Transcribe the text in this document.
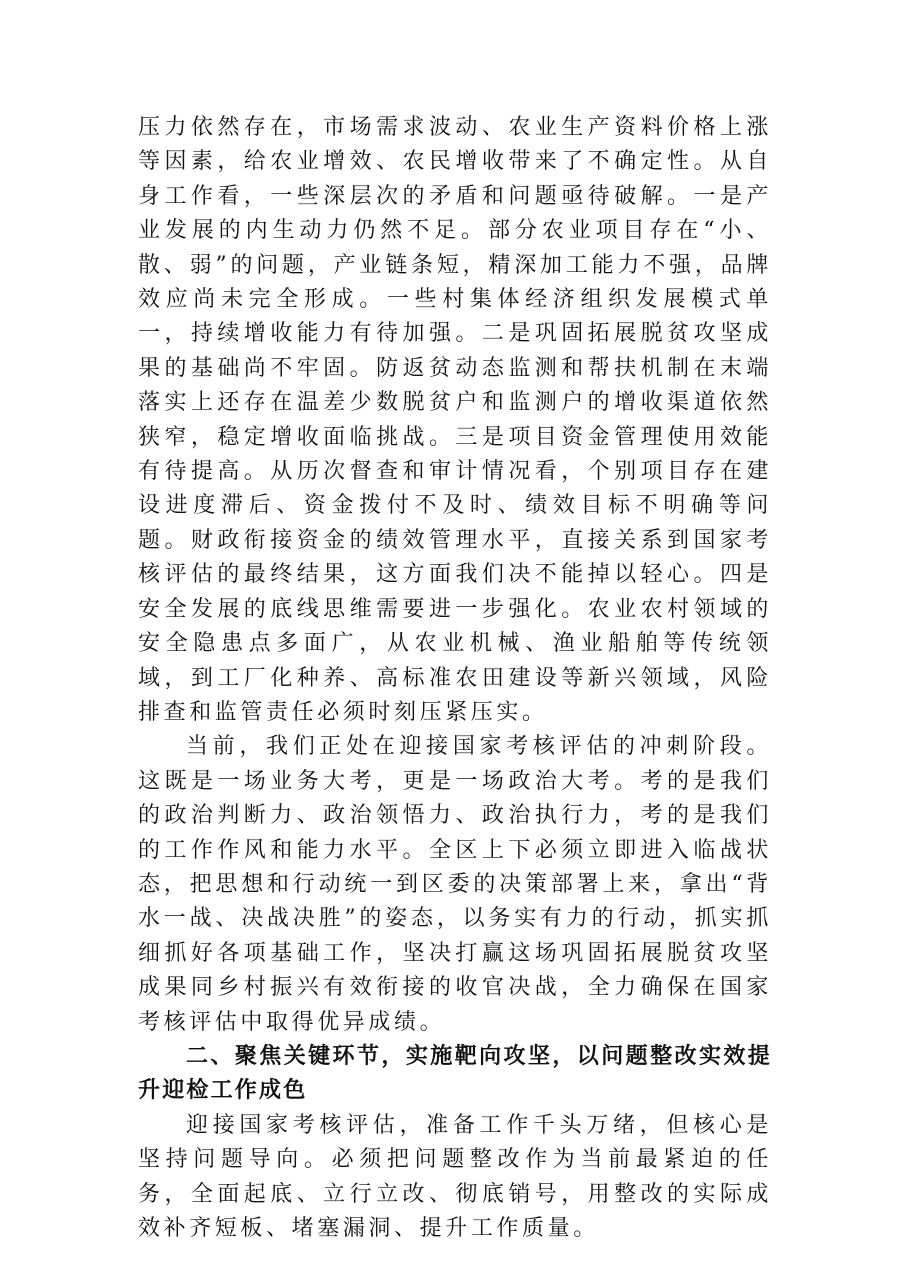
压力依然存在，市场需求波动、农业生产资料价格上涨等因素，给农业增效、农民增收带来了不确定性。从自身工作看，一些深层次的矛盾和问题亟待破解。一是产业发展的内生动力仍然不足。部分农业项目存在“小、散、弱”的问题，产业链条短，精深加工能力不强，品牌效应尚未完全形成。一些村集体经济组织发展模式单一，持续增收能力有待加强。二是巩固拓展脱贫攻坚成果的基础尚不牢固。防返贫动态监测和帮扶机制在末端落实上还存在温差少数脱贫户和监测户的增收渠道依然狭窄，稳定增收面临挑战。三是项目资金管理使用效能有待提高。从历次督查和审计情况看，个别项目存在建设进度滞后、资金拨付不及时、绩效目标不明确等问题。财政衔接资金的绩效管理水平，直接关系到国家考核评估的最终结果，这方面我们决不能掉以轻心。四是安全发展的底线思维需要进一步强化。农业农村领域的安全隐患点多面广，从农业机械、渔业船舶等传统领域，到工厂化种养、高标准农田建设等新兴领域，风险排查和监管责任必须时刻压紧压实。

当前，我们正处在迎接国家考核评估的冲刺阶段。这既是一场业务大考，更是一场政治大考。考的是我们的政治判断力、政治领悟力、政治执行力，考的是我们的工作作风和能力水平。全区上下必须立即进入临战状态，把思想和行动统一到区委的决策部署上来，拿出“背水一战、决战决胜”的姿态，以务实有力的行动，抓实抓细抓好各项基础工作，坚决打赢这场巩固拓展脱贫攻坚成果同乡村振兴有效衔接的收官决战，全力确保在国家考核评估中取得优异成绩。

二、聚焦关键环节，实施靶向攻坚，以问题整改实效提升迎检工作成色

迎接国家考核评估，准备工作千头万绪，但核心是坚持问题导向。必须把问题整改作为当前最紧迫的任务，全面起底、立行立改、彻底销号，用整改的实际成效补齐短板、堵塞漏洞、提升工作质量。
